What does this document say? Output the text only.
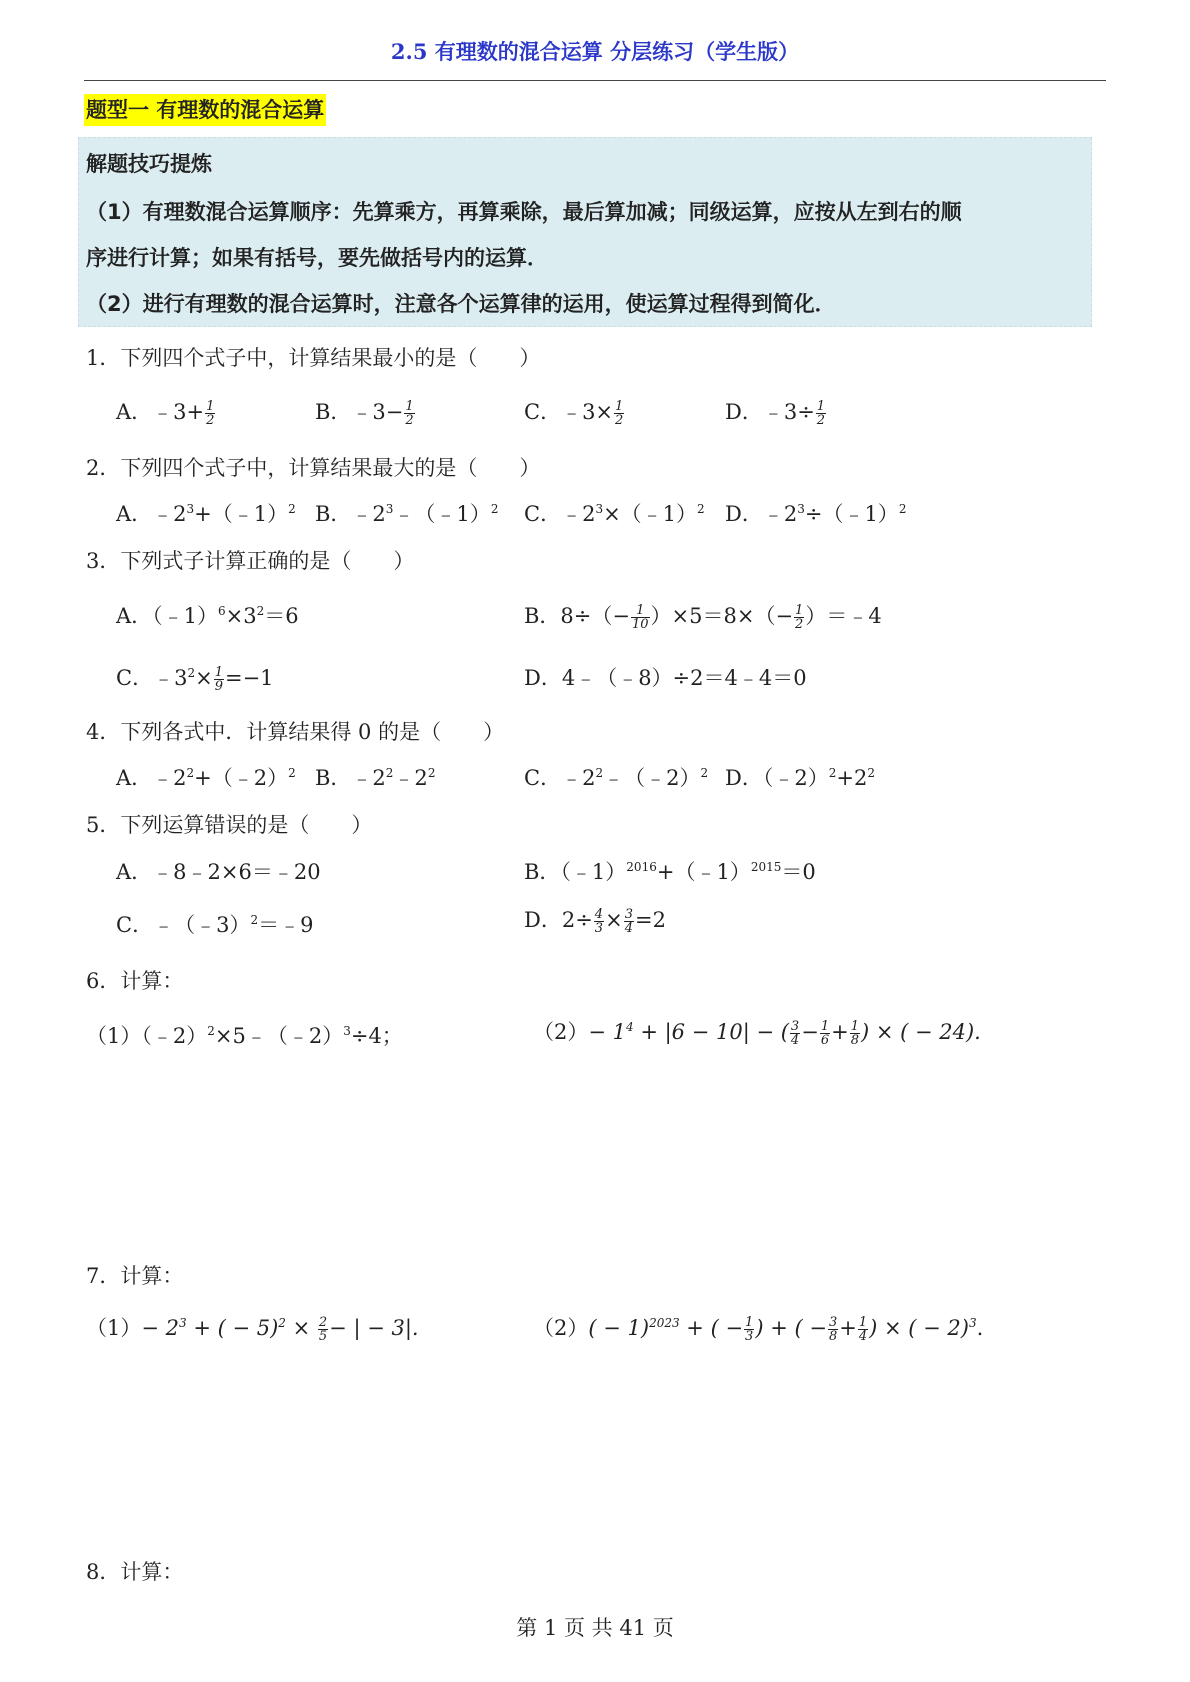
2.5 有理数的混合运算 分层练习（学生版）
题型一 有理数的混合运算
解题技巧提炼
（1）有理数混合运算顺序：先算乘方，再算乘除，最后算加减；同级运算，应按从左到右的顺
序进行计算；如果有括号，要先做括号内的运算．
（2）进行有理数的混合运算时，注意各个运算律的运用，使运算过程得到简化．
1．下列四个式子中，计算结果最小的是（　　）
A．﹣3+ $\frac{1}{2}$	B．﹣3− $\frac{1}{2}$	C．﹣3× $\frac{1}{2}$	D．﹣3÷ $\frac{1}{2}$
2．下列四个式子中，计算结果最大的是（　　）
A．$﹣2^3+(﹣1)^2$ B．$﹣2^3﹣(﹣1)^2$ C．$﹣2^3\times(﹣1)^2$ D．$﹣2^3\div(﹣1)^2$
3．下列式子计算正确的是（　　）
A．$(﹣1)^6\times 3^2=6$	B．$8\div(- \frac{1}{10} )\times 5=8\times(- \frac{1}{2}$ ）＝﹣4
C．$﹣3^2\times \frac{1}{9} =-1$	D．4﹣（﹣8）÷2＝4﹣4＝0
4．下列各式中．计算结果得 0 的是（　　）
A．$﹣2^2+(﹣2)^2$ B．$﹣2^2﹣2^2$	C．$﹣2^2﹣(﹣2)^2$ D．$(﹣2)^2+2^2$
5．下列运算错误的是（　　）
A．﹣8﹣2×6＝﹣20	B．（﹣1）$^{2016}$+（﹣1）$^{2015}$＝0
C．﹣（﹣3）$^2$＝﹣9	D．$2\div \frac{4}{3} \times \frac{3}{4} =2$
6．计算：
（1）（﹣2）$^2$×5﹣（﹣2）$^3$÷4；	$(2)- 1^4 + |6 - 10|$ − ( $\frac{3}{4} - \frac{1}{6} + \frac{1}{8}$ ) × ( − 24).
7．计算：
$(1)- 2^3$ + ( − $5)^2 \times \frac{2}{5}$ − | − 3|.	$(2)( - 1)^{2023}$ + ( − $\frac{1}{3}$ ) + ( − $\frac{3}{8} + \frac{1}{4}$ ) × ( − 2)$^3$.
8．计算：
第 1 页 共 41 页
